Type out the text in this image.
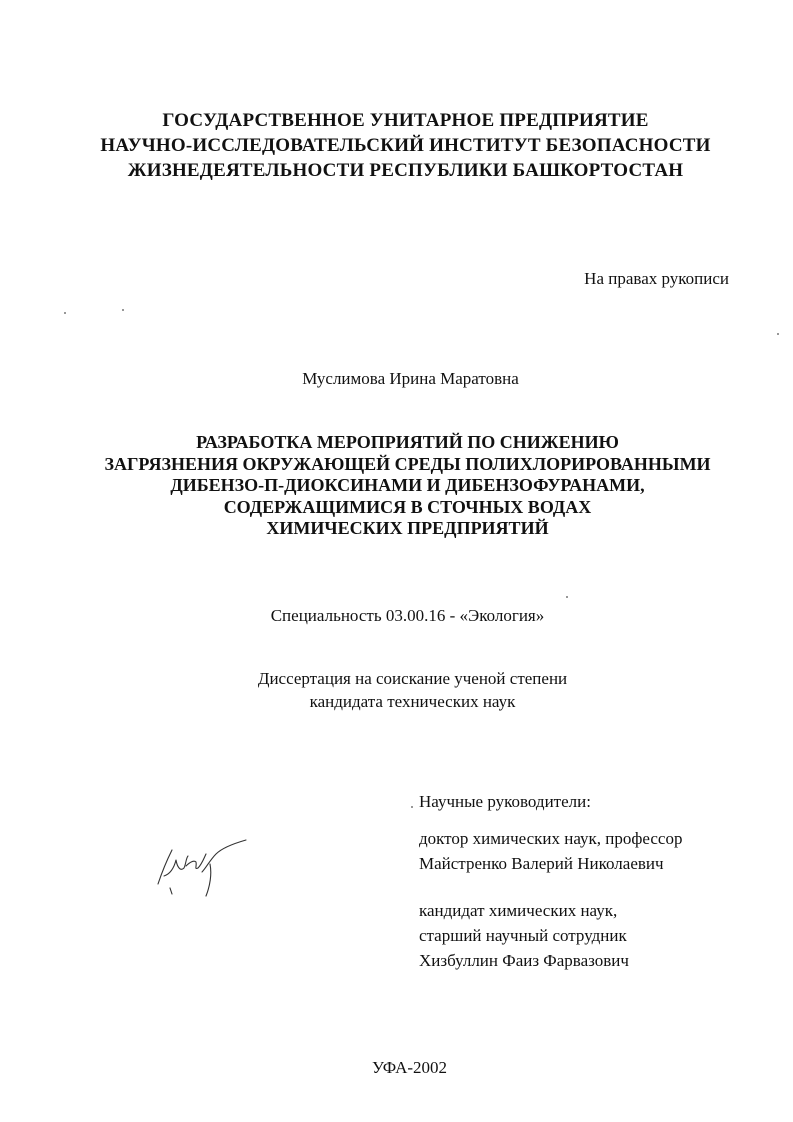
ГОСУДАРСТВЕННОЕ УНИТАРНОЕ ПРЕДПРИЯТИЕ
НАУЧНО-ИССЛЕДОВАТЕЛЬСКИЙ ИНСТИТУТ БЕЗОПАСНОСТИ
ЖИЗНЕДЕЯТЕЛЬНОСТИ РЕСПУБЛИКИ БАШКОРТОСТАН
На правах рукописи
Муслимова Ирина Маратовна
РАЗРАБОТКА МЕРОПРИЯТИЙ ПО СНИЖЕНИЮ
ЗАГРЯЗНЕНИЯ ОКРУЖАЮЩЕЙ СРЕДЫ ПОЛИХЛОРИРОВАННЫМИ
ДИБЕНЗО-П-ДИОКСИНАМИ И ДИБЕНЗОФУРАНАМИ,
СОДЕРЖАЩИМИСЯ В СТОЧНЫХ ВОДАХ
ХИМИЧЕСКИХ ПРЕДПРИЯТИЙ
Специальность 03.00.16 - «Экология»
Диссертация на соискание ученой степени
кандидата технических наук
Научные руководители:
доктор химических наук, профессор
Майстренко Валерий Николаевич
кандидат химических наук,
старший научный сотрудник
Хизбуллин Фаиз Фарвазович
УФА-2002
